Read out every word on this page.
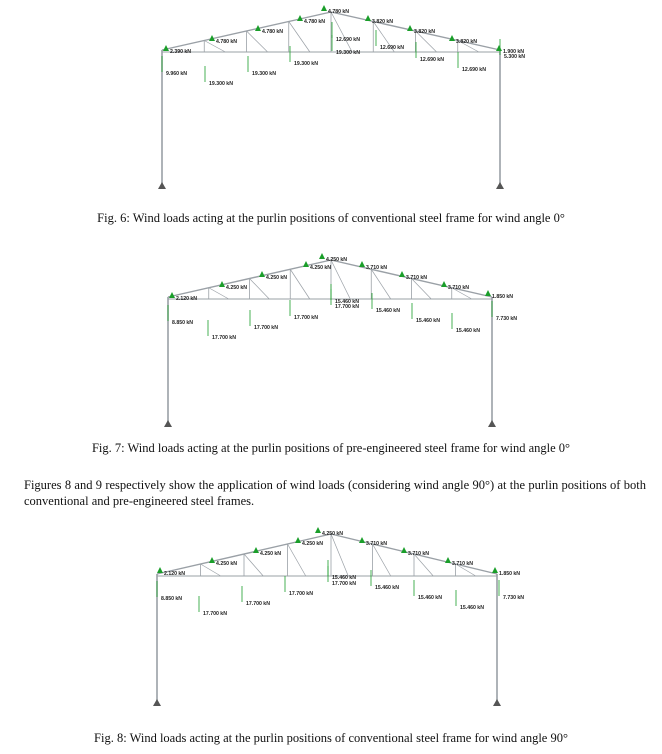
2.390 kN
9.960 kN
4.780 kN
19.300 kN
4.780 kN
19.300 kN
4.780 kN
19.300 kN
4.780 kN
12.690 kN
19.300 kN
3.820 kN
12.690 kN
3.820 kN
12.690 kN
3.820 kN
12.690 kN
1.900 kN
5.300 kN
Fig. 6: Wind loads acting at the purlin positions of conventional steel frame for wind angle 0°
2.120 kN
8.850 kN
4.250 kN
17.700 kN
4.250 kN
17.700 kN
4.250 kN
17.700 kN
4.250 kN
15.460 kN
17.700 kN
3.710 kN
15.460 kN
3.710 kN
15.460 kN
3.710 kN
15.460 kN
1.850 kN
7.730 kN
Fig. 7: Wind loads acting at the purlin positions of pre-engineered steel frame for wind angle 0°
Figures 8 and 9 respectively show the application of wind loads (considering wind angle 90°) at the purlin positions of both conventional and pre-engineered steel frames.
2.120 kN
8.850 kN
4.250 kN
17.700 kN
4.250 kN
17.700 kN
4.250 kN
17.700 kN
4.250 kN
15.460 kN
17.700 kN
3.710 kN
15.460 kN
3.710 kN
15.460 kN
3.710 kN
15.460 kN
1.850 kN
7.730 kN
Fig. 8: Wind loads acting at the purlin positions of conventional steel frame for wind angle 90°
